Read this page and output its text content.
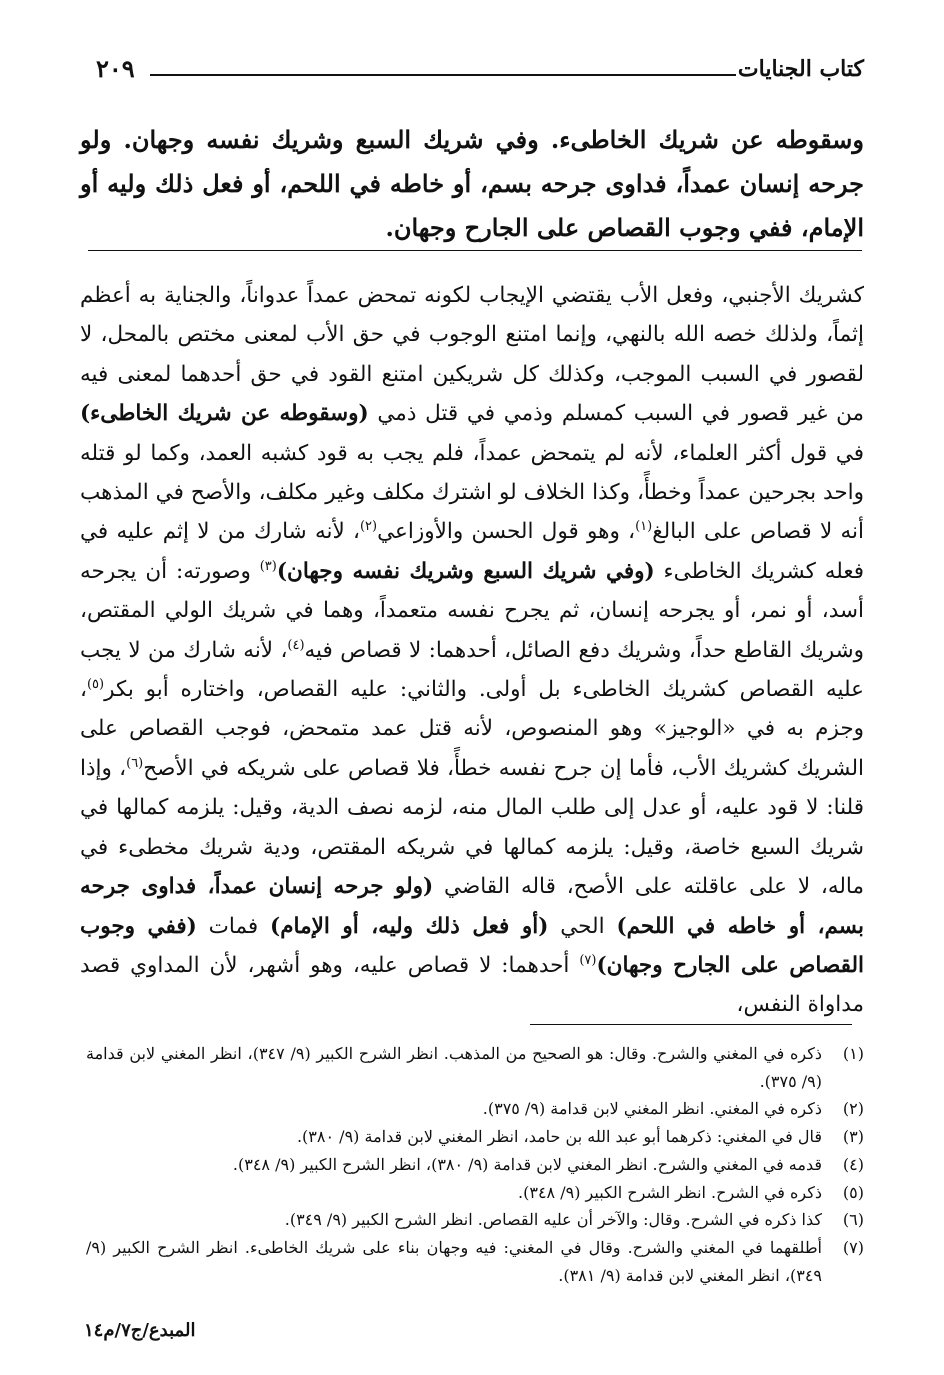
كتاب الجنايات
٢٠٩

وسقوطه عن شريك الخاطىء. وفي شريك السبع وشريك نفسه وجهان. ولو جرحه إنسان عمداً، فداوى جرحه بسم، أو خاطه في اللحم، أو فعل ذلك وليه أو الإمام، ففي وجوب القصاص على الجارح وجهان.

كشريك الأجنبي، وفعل الأب يقتضي الإيجاب لكونه تمحض عمداً عدواناً، والجناية به أعظم إثماً، ولذلك خصه الله بالنهي، وإنما امتنع الوجوب في حق الأب لمعنى مختص بالمحل، لا لقصور في السبب الموجب، وكذلك كل شريكين امتنع القود في حق أحدهما لمعنى فيه من غير قصور في السبب كمسلم وذمي في قتل ذمي (وسقوطه عن شريك الخاطىء) في قول أكثر العلماء، لأنه لم يتمحض عمداً، فلم يجب به قود كشبه العمد، وكما لو قتله واحد بجرحين عمداً وخطأً، وكذا الخلاف لو اشترك مكلف وغير مكلف، والأصح في المذهب أنه لا قصاص على البالغ$^{(١)}$، وهو قول الحسن والأوزاعي$^{(٢)}$، لأنه شارك من لا إثم عليه في فعله كشريك الخاطىء (وفي شريك السبع وشريك نفسه وجهان)$^{(٣)}$ وصورته: أن يجرحه أسد، أو نمر، أو يجرحه إنسان، ثم يجرح نفسه متعمداً، وهما في شريك الولي المقتص، وشريك القاطع حداً، وشريك دفع الصائل، أحدهما: لا قصاص فيه$^{(٤)}$، لأنه شارك من لا يجب عليه القصاص كشريك الخاطىء بل أولى. والثاني: عليه القصاص، واختاره أبو بكر$^{(٥)}$، وجزم به في «الوجيز» وهو المنصوص، لأنه قتل عمد متمحض، فوجب القصاص على الشريك كشريك الأب، فأما إن جرح نفسه خطأً، فلا قصاص على شريكه في الأصح$^{(٦)}$، وإذا قلنا: لا قود عليه، أو عدل إلى طلب المال منه، لزمه نصف الدية، وقيل: يلزمه كمالها في شريك السبع خاصة، وقيل: يلزمه كمالها في شريكه المقتص، ودية شريك مخطىء في ماله، لا على عاقلته على الأصح، قاله القاضي (ولو جرحه إنسان عمداً، فداوى جرحه بسم، أو خاطه في اللحم) الحي (أو فعل ذلك وليه، أو الإمام) فمات (ففي وجوب القصاص على الجارح وجهان)$^{(٧)}$ أحدهما: لا قصاص عليه، وهو أشهر، لأن المداوي قصد مداواة النفس،

(١)
ذكره في المغني والشرح. وقال: هو الصحيح من المذهب. انظر الشرح الكبير (٩/ ٣٤٧)، انظر المغني لابن قدامة (٩/ ٣٧٥).
(٢)
ذكره في المغني. انظر المغني لابن قدامة (٩/ ٣٧٥).
(٣)
قال في المغني: ذكرهما أبو عبد الله بن حامد، انظر المغني لابن قدامة (٩/ ٣٨٠).
(٤)
قدمه في المغني والشرح. انظر المغني لابن قدامة (٩/ ٣٨٠)، انظر الشرح الكبير (٩/ ٣٤٨).
(٥)
ذكره في الشرح. انظر الشرح الكبير (٩/ ٣٤٨).
(٦)
كذا ذكره في الشرح. وقال: والآخر أن عليه القصاص. انظر الشرح الكبير (٩/ ٣٤٩).
(٧)
أطلقهما في المغني والشرح. وقال في المغني: فيه وجهان بناء على شريك الخاطىء. انظر الشرح الكبير (٩/ ٣٤٩)، انظر المغني لابن قدامة (٩/ ٣٨١).
المبدع/ج٧/م١٤
